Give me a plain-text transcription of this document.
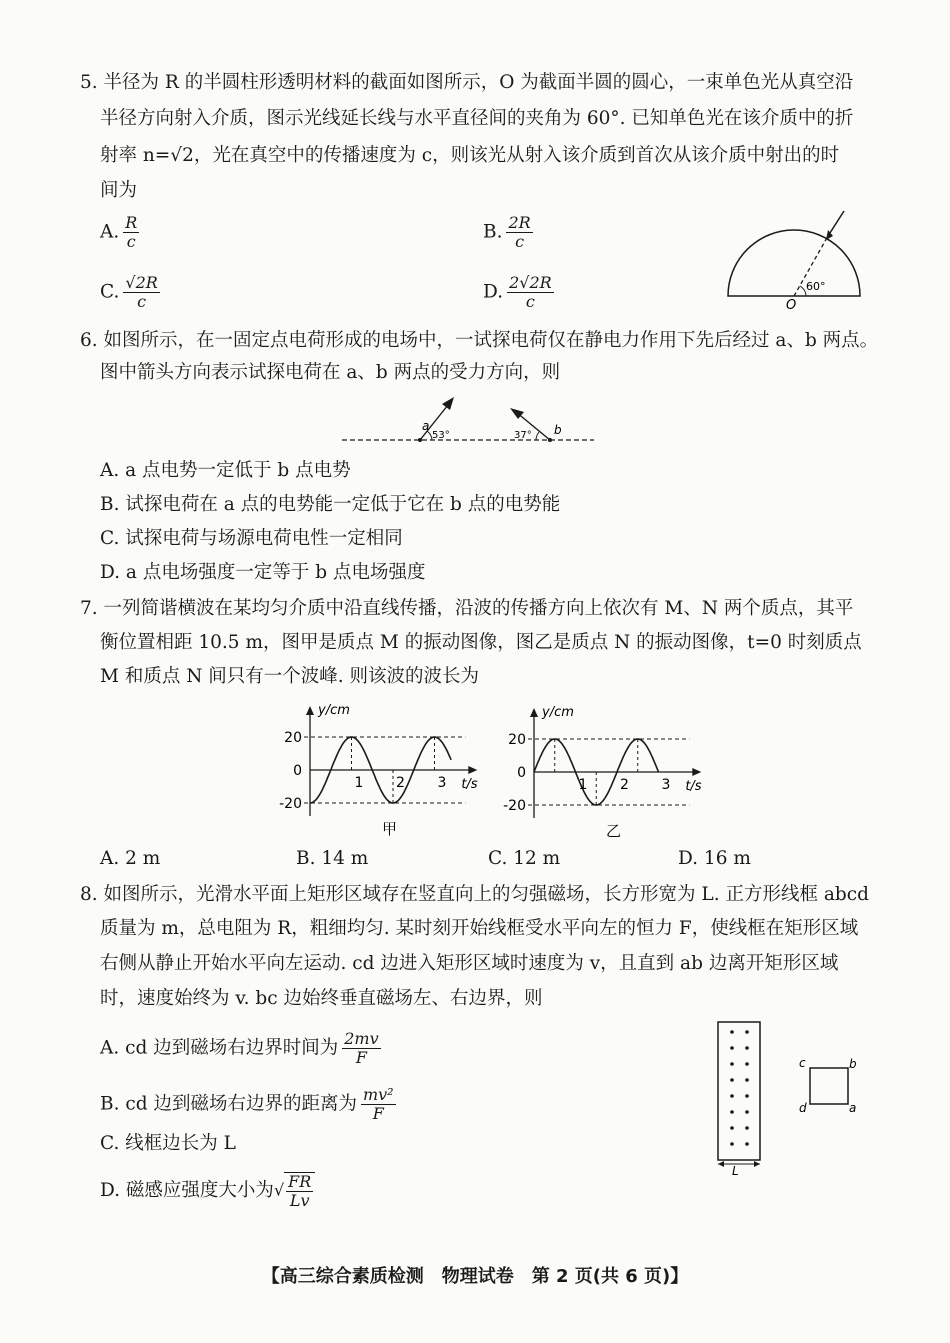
5. 半径为 R 的半圆柱形透明材料的截面如图所示，O 为截面半圆的圆心，一束单色光从真空沿
半径方向射入介质，图示光线延长线与水平直径间的夹角为 60°. 已知单色光在该介质中的折
射率 n=√2，光在真空中的传播速度为 c，则该光从射入该介质到首次从该介质中射出的时
间为
A. $\frac{R}{c}$	B. $\frac{2R}{c}$
C. $\frac{√2R}{c}$	D. $\frac{2√2R}{c}$	O
60°
6. 如图所示，在一固定点电荷形成的电场中，一试探电荷仅在静电力作用下先后经过 a、b 两点。
图中箭头方向表示试探电荷在 a、b 两点的受力方向，则
a
53°	b
37°
A. a 点电势一定低于 b 点电势
B. 试探电荷在 a 点的电势能一定低于它在 b 点的电势能
C. 试探电荷与场源电荷电性一定相同
D. a 点电场强度一定等于 b 点电场强度
7. 一列简谐横波在某均匀介质中沿直线传播，沿波的传播方向上依次有 M、N 两个质点，其平
衡位置相距 10.5 m，图甲是质点 M 的振动图像，图乙是质点 N 的振动图像，t=0 时刻质点
M 和质点 N 间只有一个波峰. 则该波的波长为
20
0
-20
1 2 3
y/cm
t/s
甲
20
0
-20
1 2 3
y/cm
t/s
乙
A. 2 m	B. 14 m	C. 12 m	D. 16 m
8. 如图所示，光滑水平面上矩形区域存在竖直向上的匀强磁场，长方形宽为 L. 正方形线框 abcd
质量为 m，总电阻为 R，粗细均匀. 某时刻开始线框受水平向左的恒力 F，使线框在矩形区域
右侧从静止开始水平向左运动. cd 边进入矩形区域时速度为 v，且直到 ab 边离开矩形区域
时，速度始终为 v. bc 边始终垂直磁场左、右边界，则
A. cd 边到磁场右边界时间为 $\frac{2mv}{F}$
B. cd 边到磁场右边界的距离为 $\frac{\text{mv²}}{F}$
C. 线框边长为 L
D. 磁感应强度大小为√ $\frac{FR}{Lv}$
L
c	b
d	a
【高三综合素质检测　物理试卷　第 2 页(共 6 页)】
